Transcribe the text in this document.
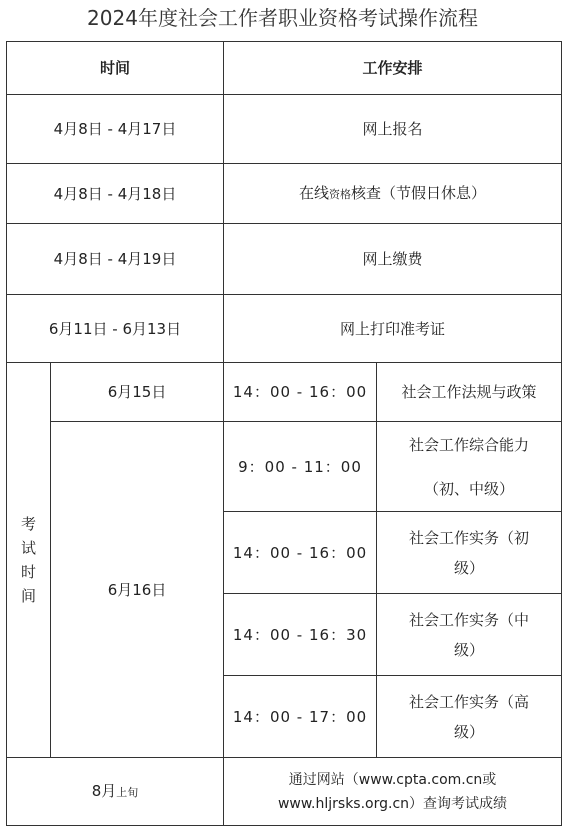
2024年度社会工作者职业资格考试操作流程
时间		工作安排	
4月8日 - 4月17日		网上报名	
4月8日 - 4月18日		在线资格核查（节假日休息）	
4月8日 - 4月19日		网上缴费	
6月11日 - 6月13日		网上打印准考证	

考
试
时
间	6月15日	14：00 - 16：00	社会工作法规与政策
	6月16日	9：00 - 11：00	社会工作综合能力
（初、中级）

		14：00 - 16：00	社会工作实务（初
级）

		14：00 - 16：30	社会工作实务（中
级）

		14：00 - 17：00	社会工作实务（高
级）

8月上旬		通过网站（www.cpta.com.cn或
www.hljrsks.org.cn）查询考试成绩	
